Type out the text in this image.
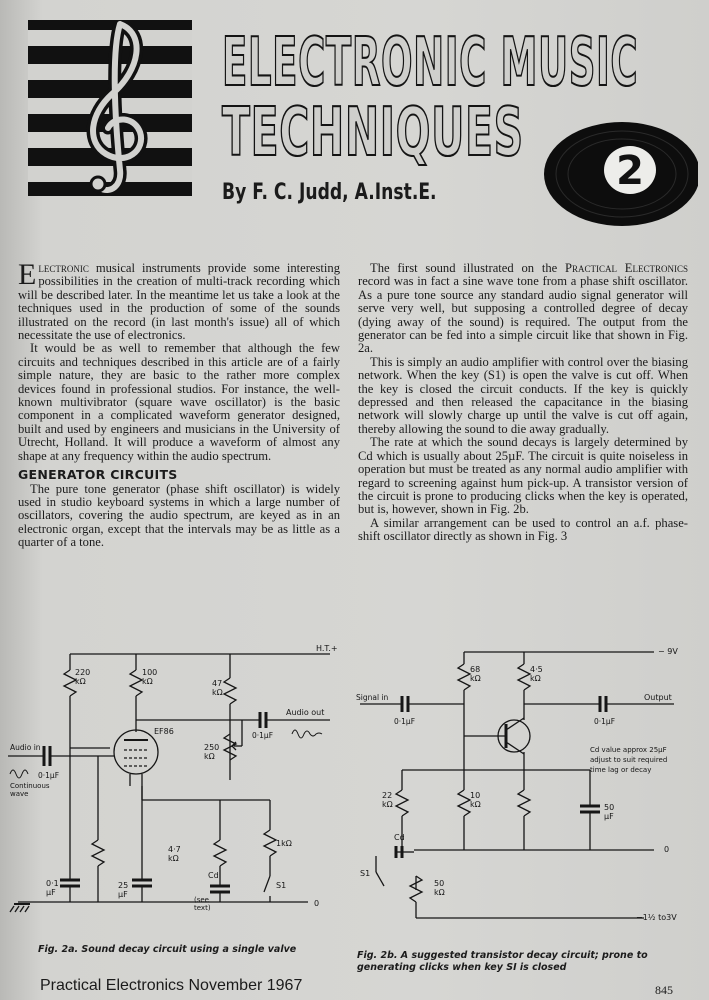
ELECTRONIC MUSIC
TECHNIQUES
By F. C. Judd, A.Inst.E.	2

Electronic musical instruments provide some interesting possibilities in the creation of multi-track recording which will be described later. In the meantime let us take a look at the techniques used in the production of some of the sounds illustrated on the record (in last month's issue) all of which necessitate the use of electronics.

It would be as well to remember that although the few circuits and techniques described in this article are of a fairly simple nature, they are basic to the rather more complex devices found in professional studios. For instance, the well-known multivibrator (square wave oscillator) is the basic component in a complicated waveform generator designed, built and used by engineers and musicians in the University of Utrecht, Holland. It will produce a waveform of almost any shape at any frequency within the audio spectrum.

GENERATOR CIRCUITS

The pure tone generator (phase shift oscillator) is widely used in studio keyboard systems in which a large number of oscillators, covering the audio spectrum, are keyed as in an electronic organ, except that the intervals may be as little as a quarter of a tone.

The first sound illustrated on the Practical Electronics record was in fact a sine wave tone from a phase shift oscillator. As a pure tone source any standard audio signal generator will serve very well, but supposing a controlled degree of decay (dying away of the sound) is required. The output from the generator can be fed into a simple circuit like that shown in Fig. 2a.

This is simply an audio amplifier with control over the biasing network. When the key (S1) is open the valve is cut off. When the key is closed the circuit conducts. If the key is quickly depressed and then released the capacitance in the biasing network will slowly charge up until the valve is cut off again, thereby allowing the sound to die away gradually.

The rate at which the sound decays is largely determined by Cd which is usually about 25µF. The circuit is quite noiseless in operation but must be treated as any normal audio amplifier with regard to screening against hum pick-up. A transistor version of the circuit is prone to producing clicks when the key is operated, but is, however, shown in Fig. 2b.

A similar arrangement can be used to control an a.f. phase-shift oscillator directly as shown in Fig. 3

H.T.+
220
kΩ
100
kΩ	47
kΩ
Audio out
0·1µF
EF86
Audio in
0·1µF
Continuous
wave
250
kΩ
1kΩ
S1
4·7
kΩ
Cd
(see
text)
25
µF
0·1
µF
0
Fig. 2a. Sound decay circuit using a single valve
− 9V
68
kΩ
4·5
kΩ
Signal in
0·1µF
Output
0·1µF
Cd value approx 25µF
adjust to suit required
time lag or decay
22
kΩ
10
kΩ	50
µF
Cd
0
S1
50
kΩ
−1½ to3V
Fig. 2b. A suggested transistor decay circuit; prone to
generating clicks when key SI is closed
Practical Electronics November 1967	845
